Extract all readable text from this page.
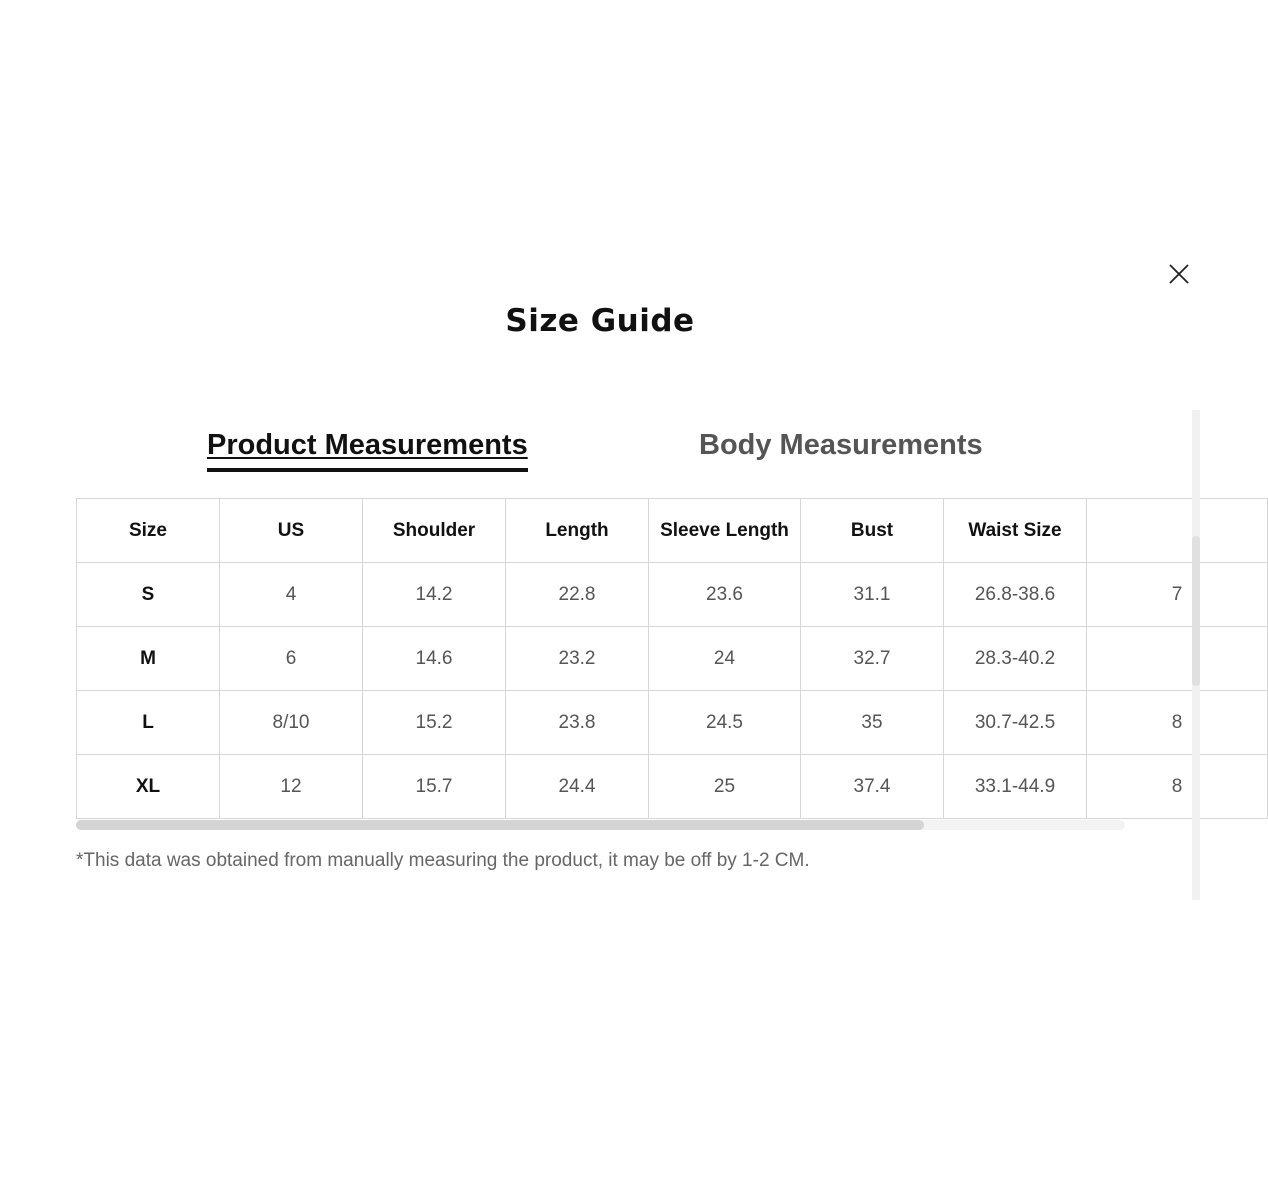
Size Guide
Product Measurements	Body Measurements
Size	US	Shoulder	Length	Sleeve Length	Bust	Waist Size	
S	4	14.2	22.8	23.6	31.1	26.8-38.6	7
M	6	14.6	23.2	24	32.7	28.3-40.2	
L	8/10	15.2	23.8	24.5	35	30.7-42.5	8
XL	12	15.7	24.4	25	37.4	33.1-44.9	8
*This data was obtained from manually measuring the product, it may be off by 1-2 CM.
